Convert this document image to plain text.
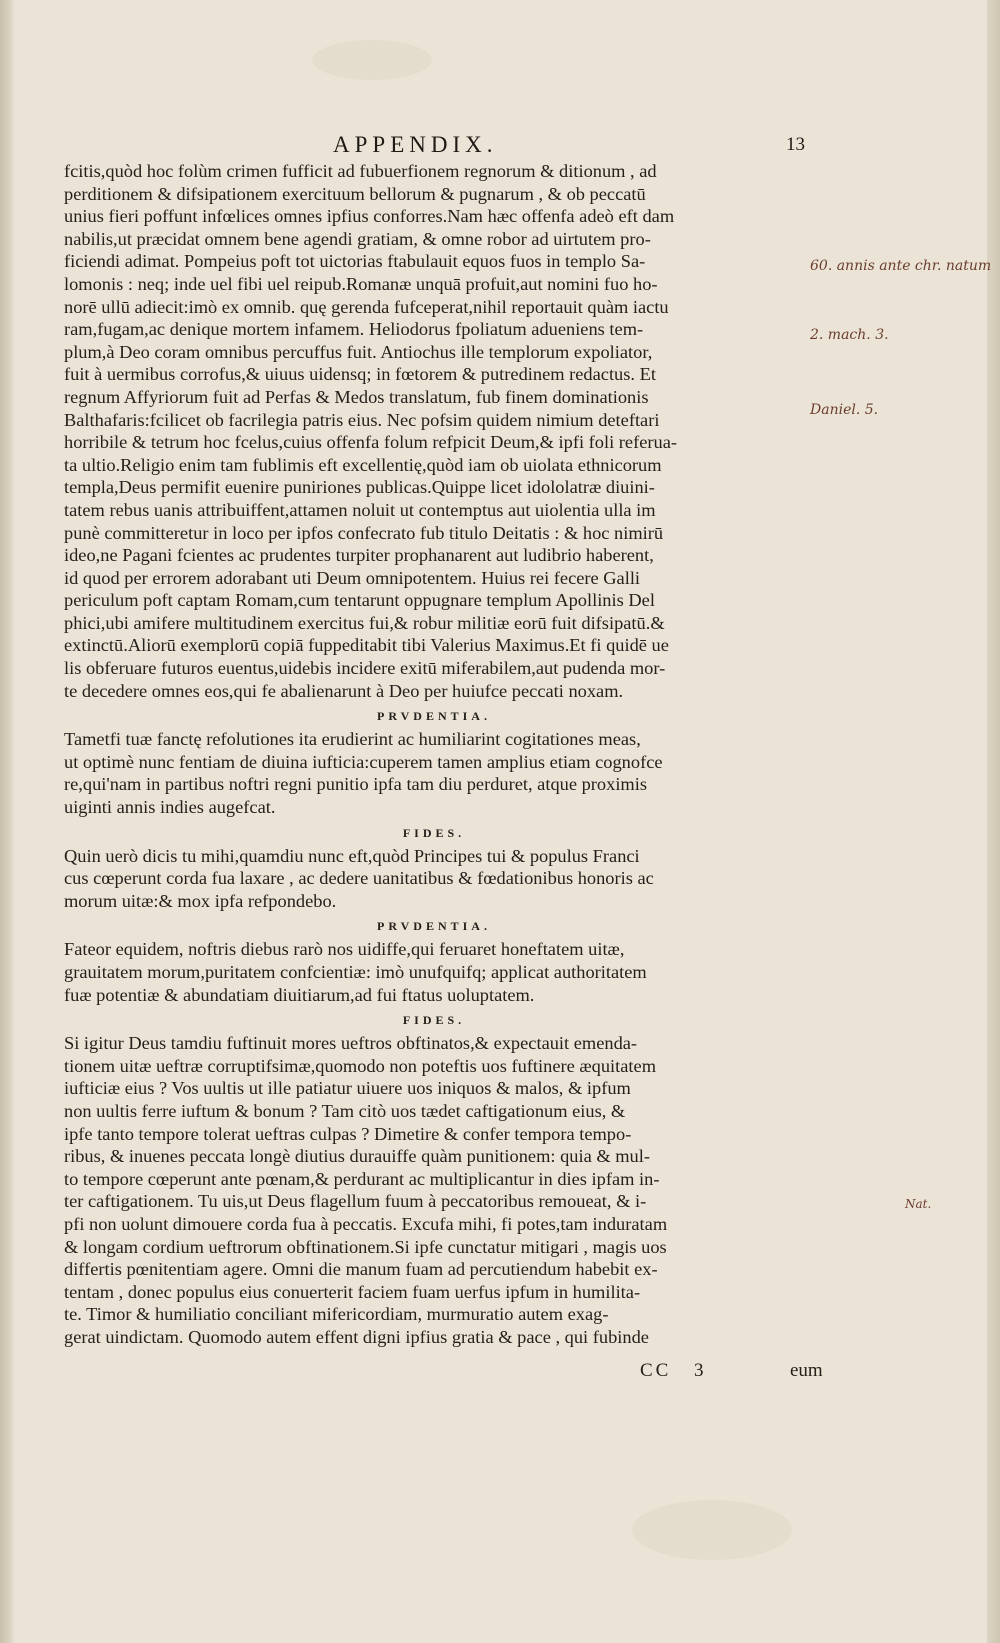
APPENDIX.	13

fcitis,quòd hoc folùm crimen fufficit ad fubuerfionem regnorum & ditionum , ad
perditionem & difsipationem exercituum bellorum & pugnarum , & ob peccatū
unius fieri poffunt infœlices omnes ipfius conforres.Nam hæc offenfa adeò eft dam
nabilis,ut præcidat omnem bene agendi gratiam, & omne robor ad uirtutem pro-
ficiendi adimat. Pompeius poft tot uictorias ftabulauit equos fuos in templo Sa-
lomonis : neq; inde uel fibi uel reipub.Romanæ unquā profuit,aut nomini fuo ho-
norē ullū adiecit:imò ex omnib. quę gerenda fufceperat,nihil reportauit quàm iactu
ram,fugam,ac denique mortem infamem. Heliodorus fpoliatum adueniens tem-
plum,à Deo coram omnibus percuffus fuit. Antiochus ille templorum expoliator,
fuit à uermibus corrofus,& uiuus uidensq; in fœtorem & putredinem redactus. Et
regnum Affyriorum fuit ad Perfas & Medos translatum, fub finem dominationis
Balthafaris:fcilicet ob facrilegia patris eius. Nec pofsim quidem nimium deteftari
horribile & tetrum hoc fcelus,cuius offenfa folum refpicit Deum,& ipfi foli referua-
ta ultio.Religio enim tam fublimis eft excellentię,quòd iam ob uiolata ethnicorum
templa,Deus permifit euenire puniriones publicas.Quippe licet idololatræ diuini-
tatem rebus uanis attribuiffent,attamen noluit ut contemptus aut uiolentia ulla im
punè committeretur in loco per ipfos confecrato fub titulo Deitatis : & hoc nimirū
ideo,ne Pagani fcientes ac prudentes turpiter prophanarent aut ludibrio haberent,
id quod per errorem adorabant uti Deum omnipotentem. Huius rei fecere Galli
periculum poft captam Romam,cum tentarunt oppugnare templum Apollinis Del
phici,ubi amifere multitudinem exercitus fui,& robur militiæ eorū fuit difsipatū.&
extinctū.Aliorū exemplorū copiā fuppeditabit tibi Valerius Maximus.Et fi quidē ue
lis obferuare futuros euentus,uidebis incidere exitū miferabilem,aut pudenda mor-
te decedere omnes eos,qui fe abalienarunt à Deo per huiufce peccati noxam.

PRVDENTIA.

Tametfi tuæ fanctę refolutiones ita erudierint ac humiliarint cogitationes meas,
ut optimè nunc fentiam de diuina iufticia:cuperem tamen amplius etiam cognofce
re,qui'nam in partibus noftri regni punitio ipfa tam diu perduret, atque proximis
uiginti annis indies augefcat.

FIDES.

Quin uerò dicis tu mihi,quamdiu nunc eft,quòd Principes tui & populus Franci
cus cœperunt corda fua laxare , ac dedere uanitatibus & fœdationibus honoris ac
morum uitæ:& mox ipfa refpondebo.

PRVDENTIA.

Fateor equidem, noftris diebus rarò nos uidiffe,qui feruaret honeftatem uitæ,
grauitatem morum,puritatem confcientiæ: imò unufquifq; applicat authoritatem
fuæ potentiæ & abundatiam diuitiarum,ad fui ftatus uoluptatem.

FIDES.

Si igitur Deus tamdiu fuftinuit mores ueftros obftinatos,& expectauit emenda-
tionem uitæ ueftræ corruptifsimæ,quomodo non poteftis uos fuftinere æquitatem
iufticiæ eius ? Vos uultis ut ille patiatur uiuere uos iniquos & malos, & ipfum
non uultis ferre iuftum & bonum ? Tam citò uos tædet caftigationum eius, &
ipfe tanto tempore tolerat ueftras culpas ? Dimetire & confer tempora tempo-
ribus, & inuenes peccata longè diutius durauiffe quàm punitionem: quia & mul-
to tempore cœperunt ante pœnam,& perdurant ac multiplicantur in dies ipfam in-
ter caftigationem. Tu uis,ut Deus flagellum fuum à peccatoribus remoueat, & i-
pfi non uolunt dimouere corda fua à peccatis. Excufa mihi, fi potes,tam induratam
& longam cordium ueftrorum obftinationem.Si ipfe cunctatur mitigari , magis uos
differtis pœnitentiam agere. Omni die manum fuam ad percutiendum habebit ex-
tentam , donec populus eius conuerterit faciem fuam uerfus ipfum in humilita-
te. Timor & humiliatio conciliant mifericordiam, murmuratio autem exag-
gerat uindictam. Quomodo autem effent digni ipfius gratia & pace , qui fubinde

CC 3	eum
60. annis ante chr. natum
2. mach. 3.
Daniel. 5.
Nat.
